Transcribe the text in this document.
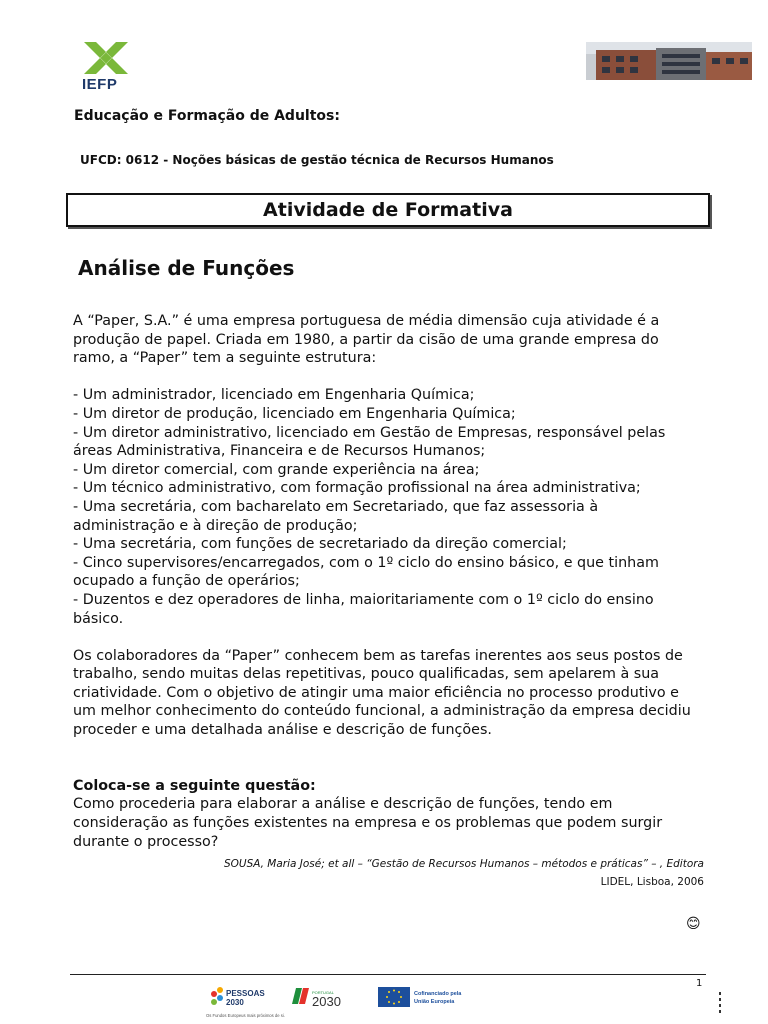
IEFP
Educação e Formação de Adultos:
UFCD: 0612 - Noções básicas de gestão técnica de Recursos Humanos
Atividade de Formativa
Análise de Funções

A “Paper, S.A.” é uma empresa portuguesa de média dimensão cuja atividade é a produção de papel. Criada em 1980, a partir da cisão de uma grande empresa do ramo, a “Paper” tem a seguinte estrutura:

- Um administrador, licenciado em Engenharia Química;

- Um diretor de produção, licenciado em Engenharia Química;

- Um diretor administrativo, licenciado em Gestão de Empresas, responsável pelas áreas Administrativa, Financeira e de Recursos Humanos;

- Um diretor comercial, com grande experiência na área;

- Um técnico administrativo, com formação profissional na área administrativa;

- Uma secretária, com bacharelato em Secretariado, que faz assessoria à administração e à direção de produção;

- Uma secretária, com funções de secretariado da direção comercial;

- Cinco supervisores/encarregados, com o 1º ciclo do ensino básico, e que tinham ocupado a função de operários;

- Duzentos e dez operadores de linha, maioritariamente com o 1º ciclo do ensino básico.

Os colaboradores da “Paper” conhecem bem as tarefas inerentes aos seus postos de trabalho, sendo muitas delas repetitivas, pouco qualificadas, sem apelarem à sua criatividade. Com o objetivo de atingir uma maior eficiência no processo produtivo e um melhor conhecimento do conteúdo funcional, a administração da empresa decidiu proceder e uma detalhada análise e descrição de funções.

Coloca-se a seguinte questão:

Como procederia para elaborar a análise e descrição de funções, tendo em consideração as funções existentes na empresa e os problemas que podem surgir durante o processo?

SOUSA, Maria José; et all – “Gestão de Recursos Humanos – métodos e práticas” – , Editora
LIDEL, Lisboa, 2006
😊
1
PESSOAS
2030
Os Fundos Europeus mais próximos de si.
PORTUGAL
2030	Cofinanciado pela
União Europeia
